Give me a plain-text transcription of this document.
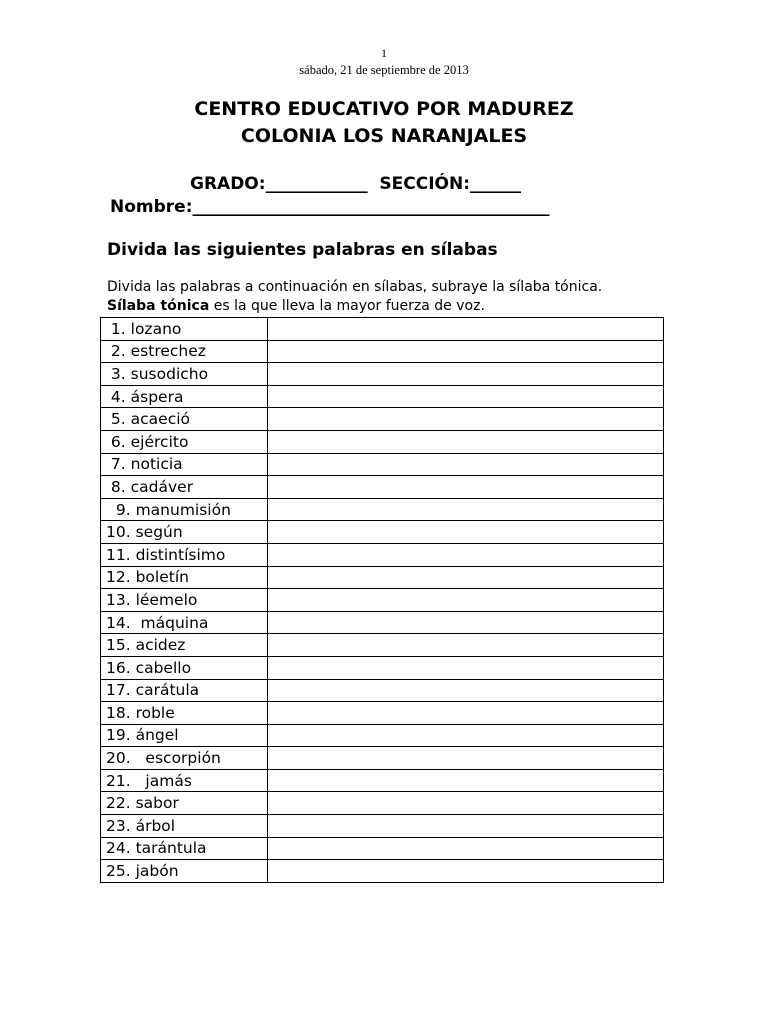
1
sábado, 21 de septiembre de 2013
CENTRO EDUCATIVO POR MADUREZ
COLONIA LOS NARANJALES
GRADO:____________ SECCIÓN:______
Nombre:__________________________________________
Divida las siguientes palabras en sílabas
Divida las palabras a continuación en sílabas, subraye la sílaba tónica.
Sílaba tónica es la que lleva la mayor fuerza de voz.
1. lozano	
2. estrechez	
3. susodicho	
4. áspera	
5. acaeció	
6. ejército	
7. noticia	
8. cadáver	
9. manumisión	
10. según	
11. distintísimo	
12. boletín	
13. léemelo	
14.  máquina	
15. acidez	
16. cabello	
17. carátula	
18. roble	
19. ángel	
20.   escorpión	
21.   jamás	
22. sabor	
23. árbol	
24. tarántula	
25. jabón	
